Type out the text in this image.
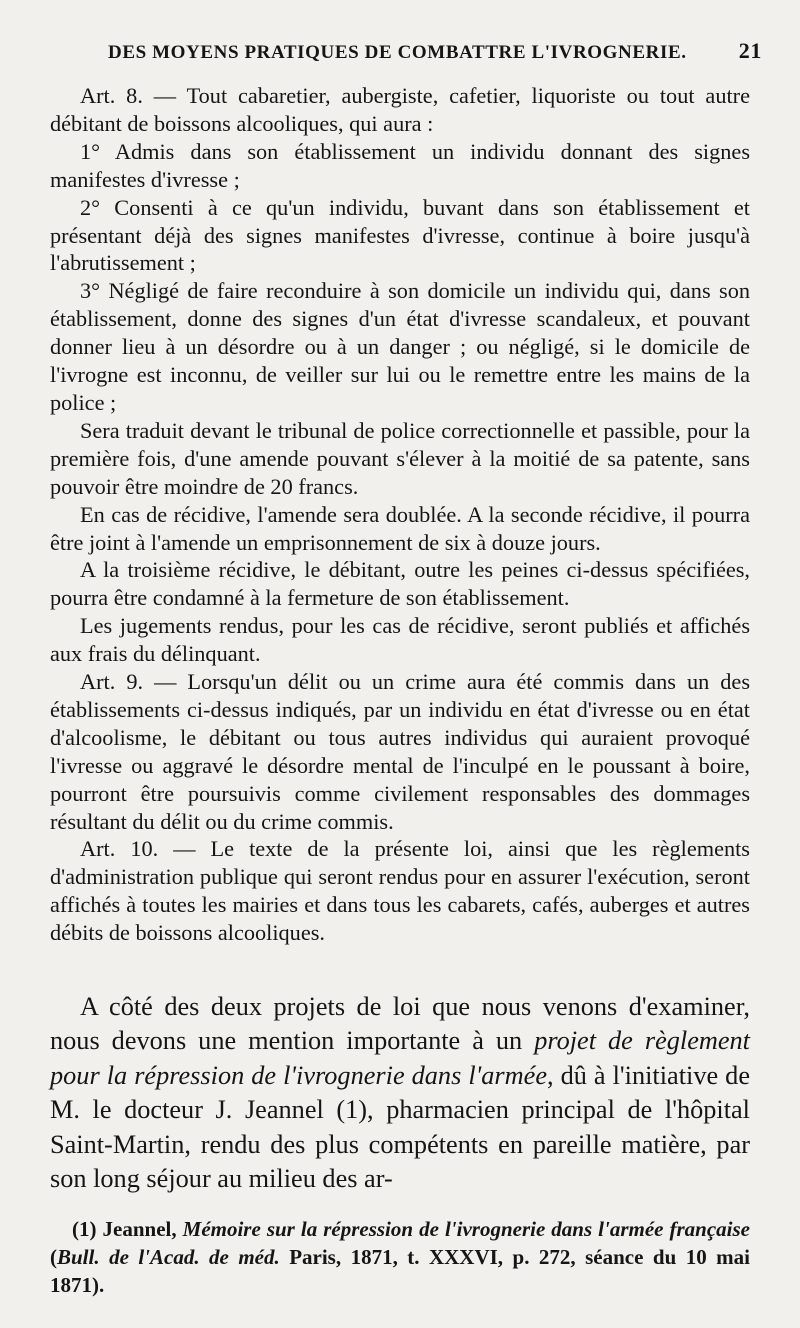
DES MOYENS PRATIQUES DE COMBATTRE L'IVROGNERIE. 21

Art. 8. — Tout cabaretier, aubergiste, cafetier, liquoriste ou tout autre débitant de boissons alcooliques, qui aura :

1° Admis dans son établissement un individu donnant des signes manifestes d'ivresse ;

2° Consenti à ce qu'un individu, buvant dans son établissement et présentant déjà des signes manifestes d'ivresse, continue à boire jusqu'à l'abrutissement ;

3° Négligé de faire reconduire à son domicile un individu qui, dans son établissement, donne des signes d'un état d'ivresse scandaleux, et pouvant donner lieu à un désordre ou à un danger ; ou négligé, si le domicile de l'ivrogne est inconnu, de veiller sur lui ou le remettre entre les mains de la police ;

Sera traduit devant le tribunal de police correctionnelle et passible, pour la première fois, d'une amende pouvant s'élever à la moitié de sa patente, sans pouvoir être moindre de 20 francs.

En cas de récidive, l'amende sera doublée. A la seconde récidive, il pourra être joint à l'amende un emprisonnement de six à douze jours.

A la troisième récidive, le débitant, outre les peines ci-dessus spécifiées, pourra être condamné à la fermeture de son établissement.

Les jugements rendus, pour les cas de récidive, seront publiés et affichés aux frais du délinquant.

Art. 9. — Lorsqu'un délit ou un crime aura été commis dans un des établissements ci-dessus indiqués, par un individu en état d'ivresse ou en état d'alcoolisme, le débitant ou tous autres individus qui auraient provoqué l'ivresse ou aggravé le désordre mental de l'inculpé en le poussant à boire, pourront être poursuivis comme civilement responsables des dommages résultant du délit ou du crime commis.

Art. 10. — Le texte de la présente loi, ainsi que les règlements d'administration publique qui seront rendus pour en assurer l'exécution, seront affichés à toutes les mairies et dans tous les cabarets, cafés, auberges et autres débits de boissons alcooliques.

A côté des deux projets de loi que nous venons d'examiner, nous devons une mention importante à un projet de règlement pour la répression de l'ivrognerie dans l'armée, dû à l'initiative de M. le docteur J. Jeannel (1), pharmacien principal de l'hôpital Saint-Martin, rendu des plus compétents en pareille matière, par son long séjour au milieu des ar-

(1) Jeannel, Mémoire sur la répression de l'ivrognerie dans l'armée française (Bull. de l'Acad. de méd. Paris, 1871, t. XXXVI, p. 272, séance du 10 mai 1871).
